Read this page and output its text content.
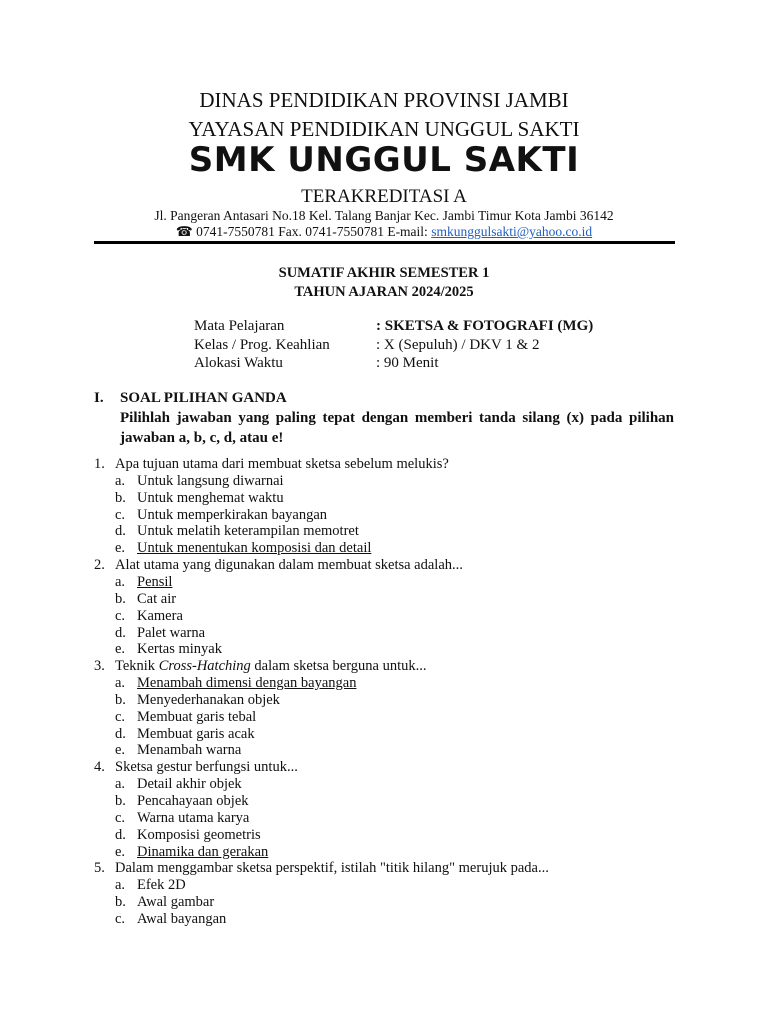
DINAS PENDIDIKAN PROVINSI JAMBI
YAYASAN PENDIDIKAN UNGGUL SAKTI
SMK UNGGUL SAKTI
TERAKREDITASI A
Jl. Pangeran Antasari No.18 Kel. Talang Banjar Kec. Jambi Timur Kota Jambi 36142
☎ 0741-7550781 Fax. 0741-7550781 E-mail: smkunggulsakti@yahoo.co.id
SUMATIF AKHIR SEMESTER 1
TAHUN AJARAN 2024/2025
Mata Pelajaran	: SKETSA & FOTOGRAFI (MG)
Kelas / Prog. Keahlian	: X (Sepuluh) / DKV 1 & 2
Alokasi Waktu	: 90 Menit
I. SOAL PILIHAN GANDA
Pilihlah jawaban yang paling tepat dengan memberi tanda silang (x) pada pilihan jawaban a, b, c, d, atau e!
1. Apa tujuan utama dari membuat sketsa sebelum melukis?
a. Untuk langsung diwarnai
b. Untuk menghemat waktu
c. Untuk memperkirakan bayangan
d. Untuk melatih keterampilan memotret
e. Untuk menentukan komposisi dan detail
2. Alat utama yang digunakan dalam membuat sketsa adalah...
a. Pensil
b. Cat air
c. Kamera
d. Palet warna
e. Kertas minyak
3. Teknik Cross-Hatching dalam sketsa berguna untuk...
a. Menambah dimensi dengan bayangan
b. Menyederhanakan objek
c. Membuat garis tebal
d. Membuat garis acak
e. Menambah warna
4. Sketsa gestur berfungsi untuk...
a. Detail akhir objek
b. Pencahayaan objek
c. Warna utama karya
d. Komposisi geometris
e. Dinamika dan gerakan
5. Dalam menggambar sketsa perspektif, istilah "titik hilang" merujuk pada...
a. Efek 2D
b. Awal gambar
c. Awal bayangan
